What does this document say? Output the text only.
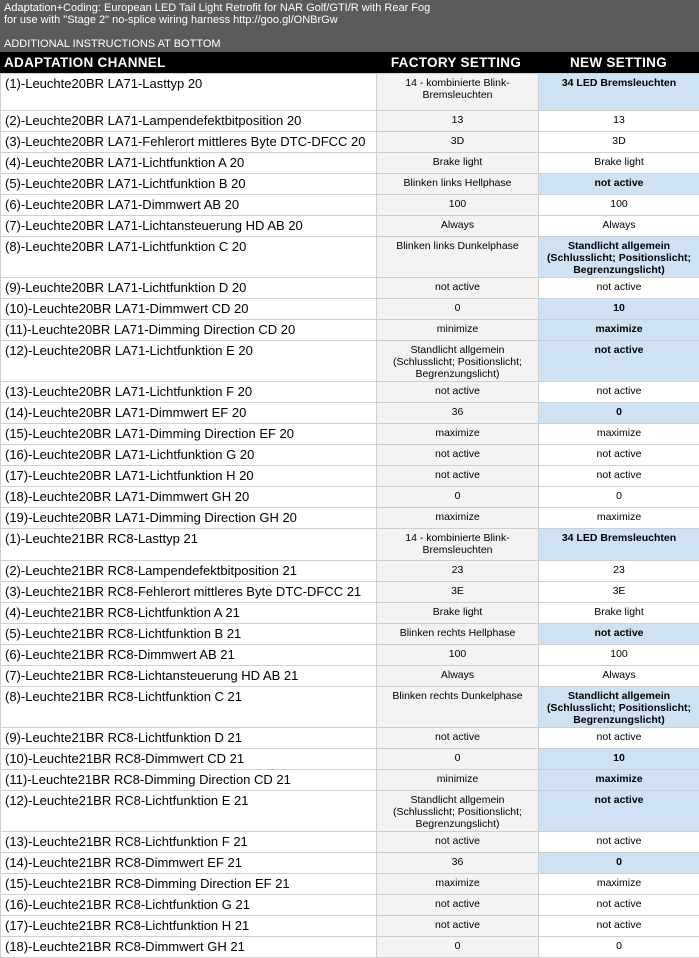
Adaptation+Coding: European LED Tail Light Retrofit for NAR Golf/GTI/R with Rear Fog
for use with "Stage 2" no-splice wiring harness http://goo.gl/ONBrGw
ADDITIONAL INSTRUCTIONS AT BOTTOM
ADAPTATION CHANNEL	FACTORY SETTING	NEW SETTING
(1)-Leuchte20BR LA71-Lasttyp 20	14 - kombinierte Blink-Bremsleuchten	34 LED Bremsleuchten
(2)-Leuchte20BR LA71-Lampendefektbitposition 20	13	13
(3)-Leuchte20BR LA71-Fehlerort mittleres Byte DTC-DFCC 20	3D	3D
(4)-Leuchte20BR LA71-Lichtfunktion A 20	Brake light	Brake light
(5)-Leuchte20BR LA71-Lichtfunktion B 20	Blinken links Hellphase	not active
(6)-Leuchte20BR LA71-Dimmwert AB 20	100	100
(7)-Leuchte20BR LA71-Lichtansteuerung HD AB 20	Always	Always
(8)-Leuchte20BR LA71-Lichtfunktion C 20	Blinken links Dunkelphase	Standlicht allgemein (Schlusslicht; Positionslicht; Begrenzungslicht)
(9)-Leuchte20BR LA71-Lichtfunktion D 20	not active	not active
(10)-Leuchte20BR LA71-Dimmwert CD 20	0	10
(11)-Leuchte20BR LA71-Dimming Direction CD 20	minimize	maximize
(12)-Leuchte20BR LA71-Lichtfunktion E 20	Standlicht allgemein (Schlusslicht; Positionslicht; Begrenzungslicht)	not active
(13)-Leuchte20BR LA71-Lichtfunktion F 20	not active	not active
(14)-Leuchte20BR LA71-Dimmwert EF 20	36	0
(15)-Leuchte20BR LA71-Dimming Direction EF 20	maximize	maximize
(16)-Leuchte20BR LA71-Lichtfunktion G 20	not active	not active
(17)-Leuchte20BR LA71-Lichtfunktion H 20	not active	not active
(18)-Leuchte20BR LA71-Dimmwert GH 20	0	0
(19)-Leuchte20BR LA71-Dimming Direction GH 20	maximize	maximize
(1)-Leuchte21BR RC8-Lasttyp 21	14 - kombinierte Blink-Bremsleuchten	34 LED Bremsleuchten
(2)-Leuchte21BR RC8-Lampendefektbitposition 21	23	23
(3)-Leuchte21BR RC8-Fehlerort mittleres Byte DTC-DFCC 21	3E	3E
(4)-Leuchte21BR RC8-Lichtfunktion A 21	Brake light	Brake light
(5)-Leuchte21BR RC8-Lichtfunktion B 21	Blinken rechts Hellphase	not active
(6)-Leuchte21BR RC8-Dimmwert AB 21	100	100
(7)-Leuchte21BR RC8-Lichtansteuerung HD AB 21	Always	Always
(8)-Leuchte21BR RC8-Lichtfunktion C 21	Blinken rechts Dunkelphase	Standlicht allgemein (Schlusslicht; Positionslicht; Begrenzungslicht)
(9)-Leuchte21BR RC8-Lichtfunktion D 21	not active	not active
(10)-Leuchte21BR RC8-Dimmwert CD 21	0	10
(11)-Leuchte21BR RC8-Dimming Direction CD 21	minimize	maximize
(12)-Leuchte21BR RC8-Lichtfunktion E 21	Standlicht allgemein (Schlusslicht; Positionslicht; Begrenzungslicht)	not active
(13)-Leuchte21BR RC8-Lichtfunktion F 21	not active	not active
(14)-Leuchte21BR RC8-Dimmwert EF 21	36	0
(15)-Leuchte21BR RC8-Dimming Direction EF 21	maximize	maximize
(16)-Leuchte21BR RC8-Lichtfunktion G 21	not active	not active
(17)-Leuchte21BR RC8-Lichtfunktion H 21	not active	not active
(18)-Leuchte21BR RC8-Dimmwert GH 21	0	0
